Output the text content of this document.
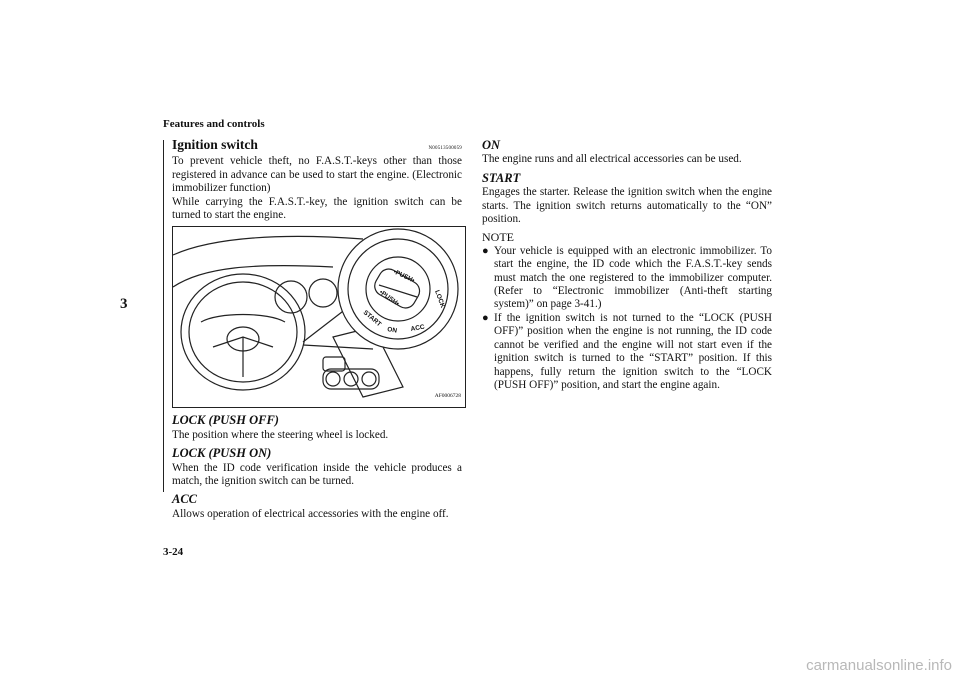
Features and controls
3
Ignition switch	N00513500059

To prevent vehicle theft, no F.A.S.T.-keys other than those registered in advance can be used to start the engine. (Electronic immobilizer function)

While carrying the F.A.S.T.-key, the ignition switch can be turned to start the engine.

•PUSH•
•PUSH•	LOCK
START
ON ACC
AF0006728
LOCK (PUSH OFF)

The position where the steering wheel is locked.

LOCK (PUSH ON)

When the ID code verification inside the vehicle produces a match, the ignition switch can be turned.

ACC

Allows operation of electrical accessories with the engine off.

ON

The engine runs and all electrical accessories can be used.

START

Engages the starter. Release the ignition switch when the engine starts. The ignition switch returns automatically to the “ON” position.

NOTE
● Your vehicle is equipped with an electronic immobilizer. To start the engine, the ID code which the F.A.S.T.-key sends must match the one registered to the immobilizer computer. (Refer to “Electronic immobilizer (Anti-theft starting system)” on page 3-41.)

● If the ignition switch is not turned to the “LOCK (PUSH OFF)” position when the engine is not running, the ID code cannot be verified and the engine will not start even if the ignition switch is turned to the “START” position. If this happens, fully return the ignition switch to the “LOCK (PUSH OFF)” position, and start the engine again.

3-24
carmanualsonline.info
